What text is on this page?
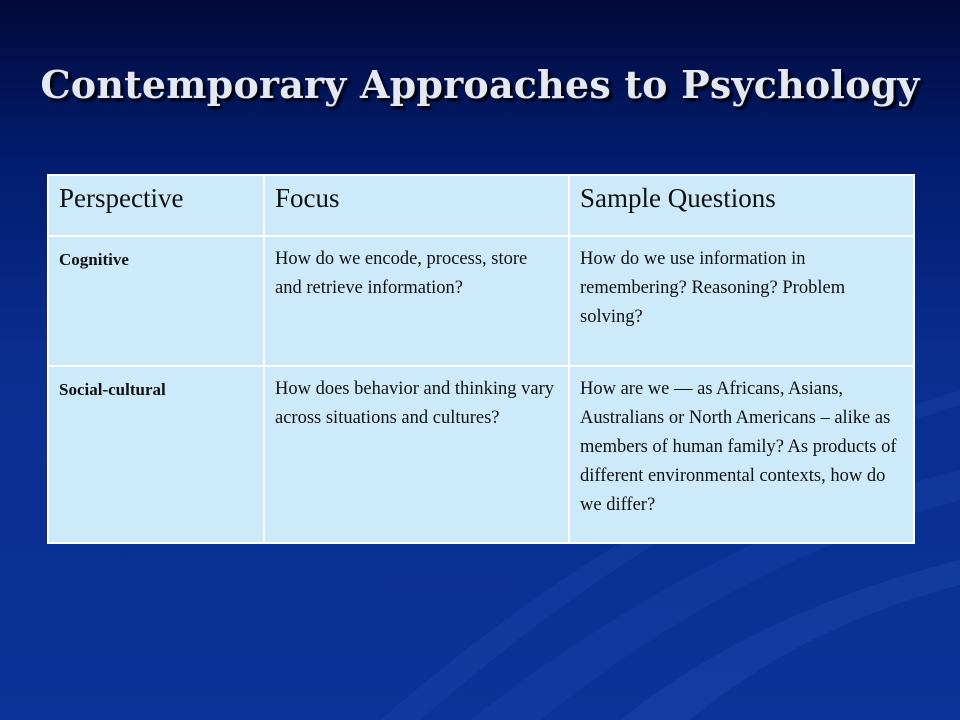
Contemporary Approaches to Psychology
Perspective	Focus	Sample Questions
Cognitive	How do we encode, process, store and retrieve information?	How do we use information in remembering? Reasoning? Problem solving?
Social-cultural	How does behavior and thinking vary across situations and cultures?	How are we — as Africans, Asians, Australians or North Americans – alike as members of human family? As products of different environmental contexts, how do we differ?
